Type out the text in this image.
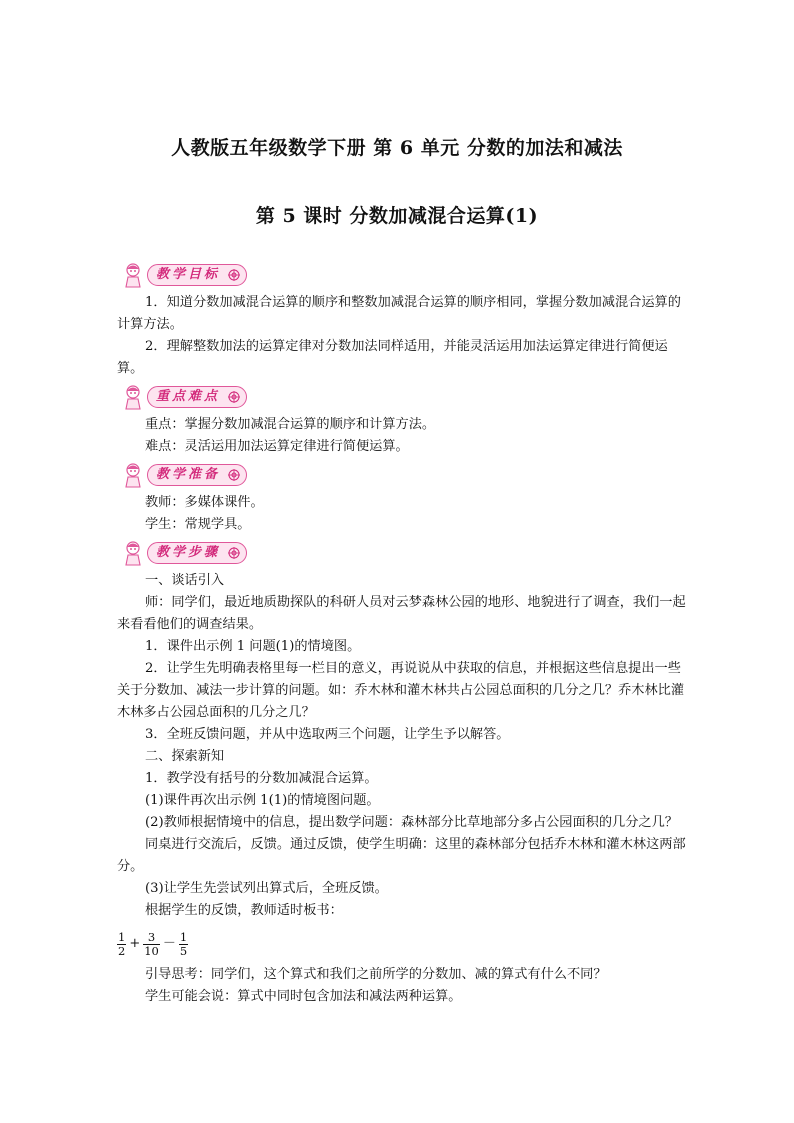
人教版五年级数学下册 第 6 单元 分数的加法和减法
第 5 课时 分数加减混合运算(1)
教学目标

1．知道分数加减混合运算的顺序和整数加减混合运算的顺序相同，掌握分数加减混合运算的计算方法。

2．理解整数加法的运算定律对分数加法同样适用，并能灵活运用加法运算定律进行简便运算。

重点难点

重点：掌握分数加减混合运算的顺序和计算方法。

难点：灵活运用加法运算定律进行简便运算。

教学准备

教师：多媒体课件。

学生：常规学具。

教学步骤

一、谈话引入

师：同学们，最近地质勘探队的科研人员对云梦森林公园的地形、地貌进行了调查，我们一起来看看他们的调查结果。

1．课件出示例 1 问题(1)的情境图。

2．让学生先明确表格里每一栏目的意义，再说说从中获取的信息，并根据这些信息提出一些关于分数加、减法一步计算的问题。如：乔木林和灌木林共占公园总面积的几分之几？乔木林比灌木林多占公园总面积的几分之几？

3．全班反馈问题，并从中选取两三个问题，让学生予以解答。

二、探索新知

1．教学没有括号的分数加减混合运算。

(1)课件再次出示例 1(1)的情境图问题。

(2)教师根据情境中的信息，提出数学问题：森林部分比草地部分多占公园面积的几分之几？

同桌进行交流后，反馈。通过反馈，使学生明确：这里的森林部分包括乔木林和灌木林这两部分。

(3)让学生先尝试列出算式后，全班反馈。

根据学生的反馈，教师适时板书：

$\frac{1}{2} + \frac{3}{10} - \frac{1}{5}$

引导思考：同学们，这个算式和我们之前所学的分数加、减的算式有什么不同？

学生可能会说：算式中同时包含加法和减法两种运算。
